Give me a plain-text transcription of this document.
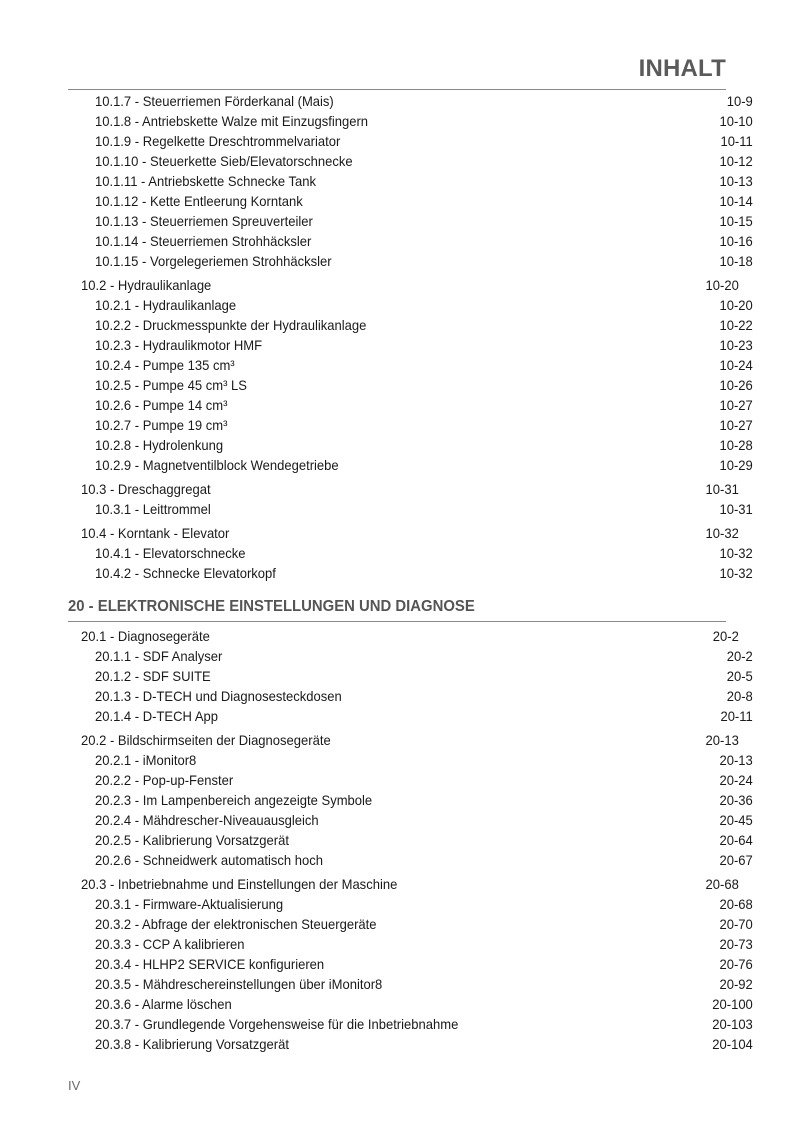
INHALT
10.1.7 - Steuerriemen Förderkanal (Mais)	10-9
10.1.8 - Antriebskette Walze mit Einzugsfingern	10-10
10.1.9 - Regelkette Dreschtrommelvariator	10-11
10.1.10 - Steuerkette Sieb/Elevatorschnecke	10-12
10.1.11 - Antriebskette Schnecke Tank	10-13
10.1.12 - Kette Entleerung Korntank	10-14
10.1.13 - Steuerriemen Spreuverteiler	10-15
10.1.14 - Steuerriemen Strohhäcksler	10-16
10.1.15 - Vorgelegeriemen Strohhäcksler	10-18
10.2 - Hydraulikanlage	10-20
10.2.1 - Hydraulikanlage	10-20
10.2.2 - Druckmesspunkte der Hydraulikanlage	10-22
10.2.3 - Hydraulikmotor HMF	10-23
10.2.4 - Pumpe 135 cm³	10-24
10.2.5 - Pumpe 45 cm³ LS	10-26
10.2.6 - Pumpe 14 cm³	10-27
10.2.7 - Pumpe 19 cm³	10-27
10.2.8 - Hydrolenkung	10-28
10.2.9 - Magnetventilblock Wendegetriebe	10-29
10.3 - Dreschaggregat	10-31
10.3.1 - Leittrommel	10-31
10.4 - Korntank - Elevator	10-32
10.4.1 - Elevatorschnecke	10-32
10.4.2 - Schnecke Elevatorkopf	10-32
20 - ELEKTRONISCHE EINSTELLUNGEN UND DIAGNOSE
20.1 - Diagnosegeräte	20-2
20.1.1 - SDF Analyser	20-2
20.1.2 - SDF SUITE	20-5
20.1.3 - D-TECH und Diagnosesteckdosen	20-8
20.1.4 - D-TECH App	20-11
20.2 - Bildschirmseiten der Diagnosegeräte	20-13
20.2.1 - iMonitor8	20-13
20.2.2 - Pop-up-Fenster	20-24
20.2.3 - Im Lampenbereich angezeigte Symbole	20-36
20.2.4 - Mähdrescher-Niveauausgleich	20-45
20.2.5 - Kalibrierung Vorsatzgerät	20-64
20.2.6 - Schneidwerk automatisch hoch	20-67
20.3 - Inbetriebnahme und Einstellungen der Maschine	20-68
20.3.1 - Firmware-Aktualisierung	20-68
20.3.2 - Abfrage der elektronischen Steuergeräte	20-70
20.3.3 - CCP A kalibrieren	20-73
20.3.4 - HLHP2 SERVICE konfigurieren	20-76
20.3.5 - Mähdreschereinstellungen über iMonitor8	20-92
20.3.6 - Alarme löschen	20-100
20.3.7 - Grundlegende Vorgehensweise für die Inbetriebnahme	20-103
20.3.8 - Kalibrierung Vorsatzgerät	20-104
IV
